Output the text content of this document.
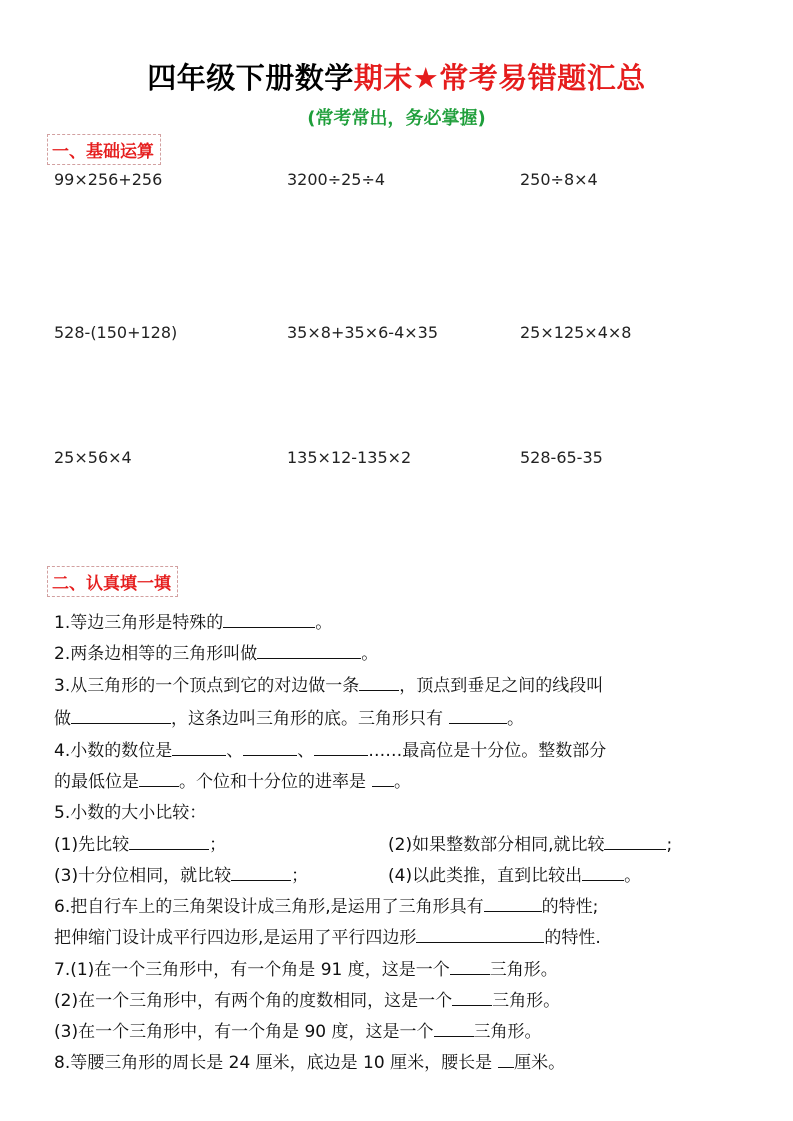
四年级下册数学期末★常考易错题汇总
(常考常出，务必掌握)
一、基础运算
99×256+256	3200÷25÷4	250÷8×4
528-(150+128)	35×8+35×6-4×35	25×125×4×8
25×56×4	135×12-135×2	528-65-35
二、认真填一填
1.等边三角形是特殊的	。
2.两条边相等的三角形叫做	。
3.从三角形的一个顶点到它的对边做一条 ，顶点到垂足之间的线段叫
做	，这条边叫三角形的底。三角形只有	。
4.小数的数位是	、	、	……最高位是十分位。整数部分
的最低位是 。个位和十分位的进率是 。
5.小数的大小比较：
(1)先比较	；	(2)如果整数部分相同,就比较	;
(3)十分位相同，就比较	；	(4)以此类推，直到比较出 。
6.把自行车上的三角架设计成三角形,是运用了三角形具有	的特性;
把伸缩门设计成平行四边形,是运用了平行四边形	的特性.
7.(1)在一个三角形中，有一个角是 91 度，这是一个 三角形。
(2)在一个三角形中，有两个角的度数相同，这是一个 三角形。
(3)在一个三角形中，有一个角是 90 度，这是一个 三角形。
8.等腰三角形的周长是 24 厘米，底边是 10 厘米，腰长是 厘米。
